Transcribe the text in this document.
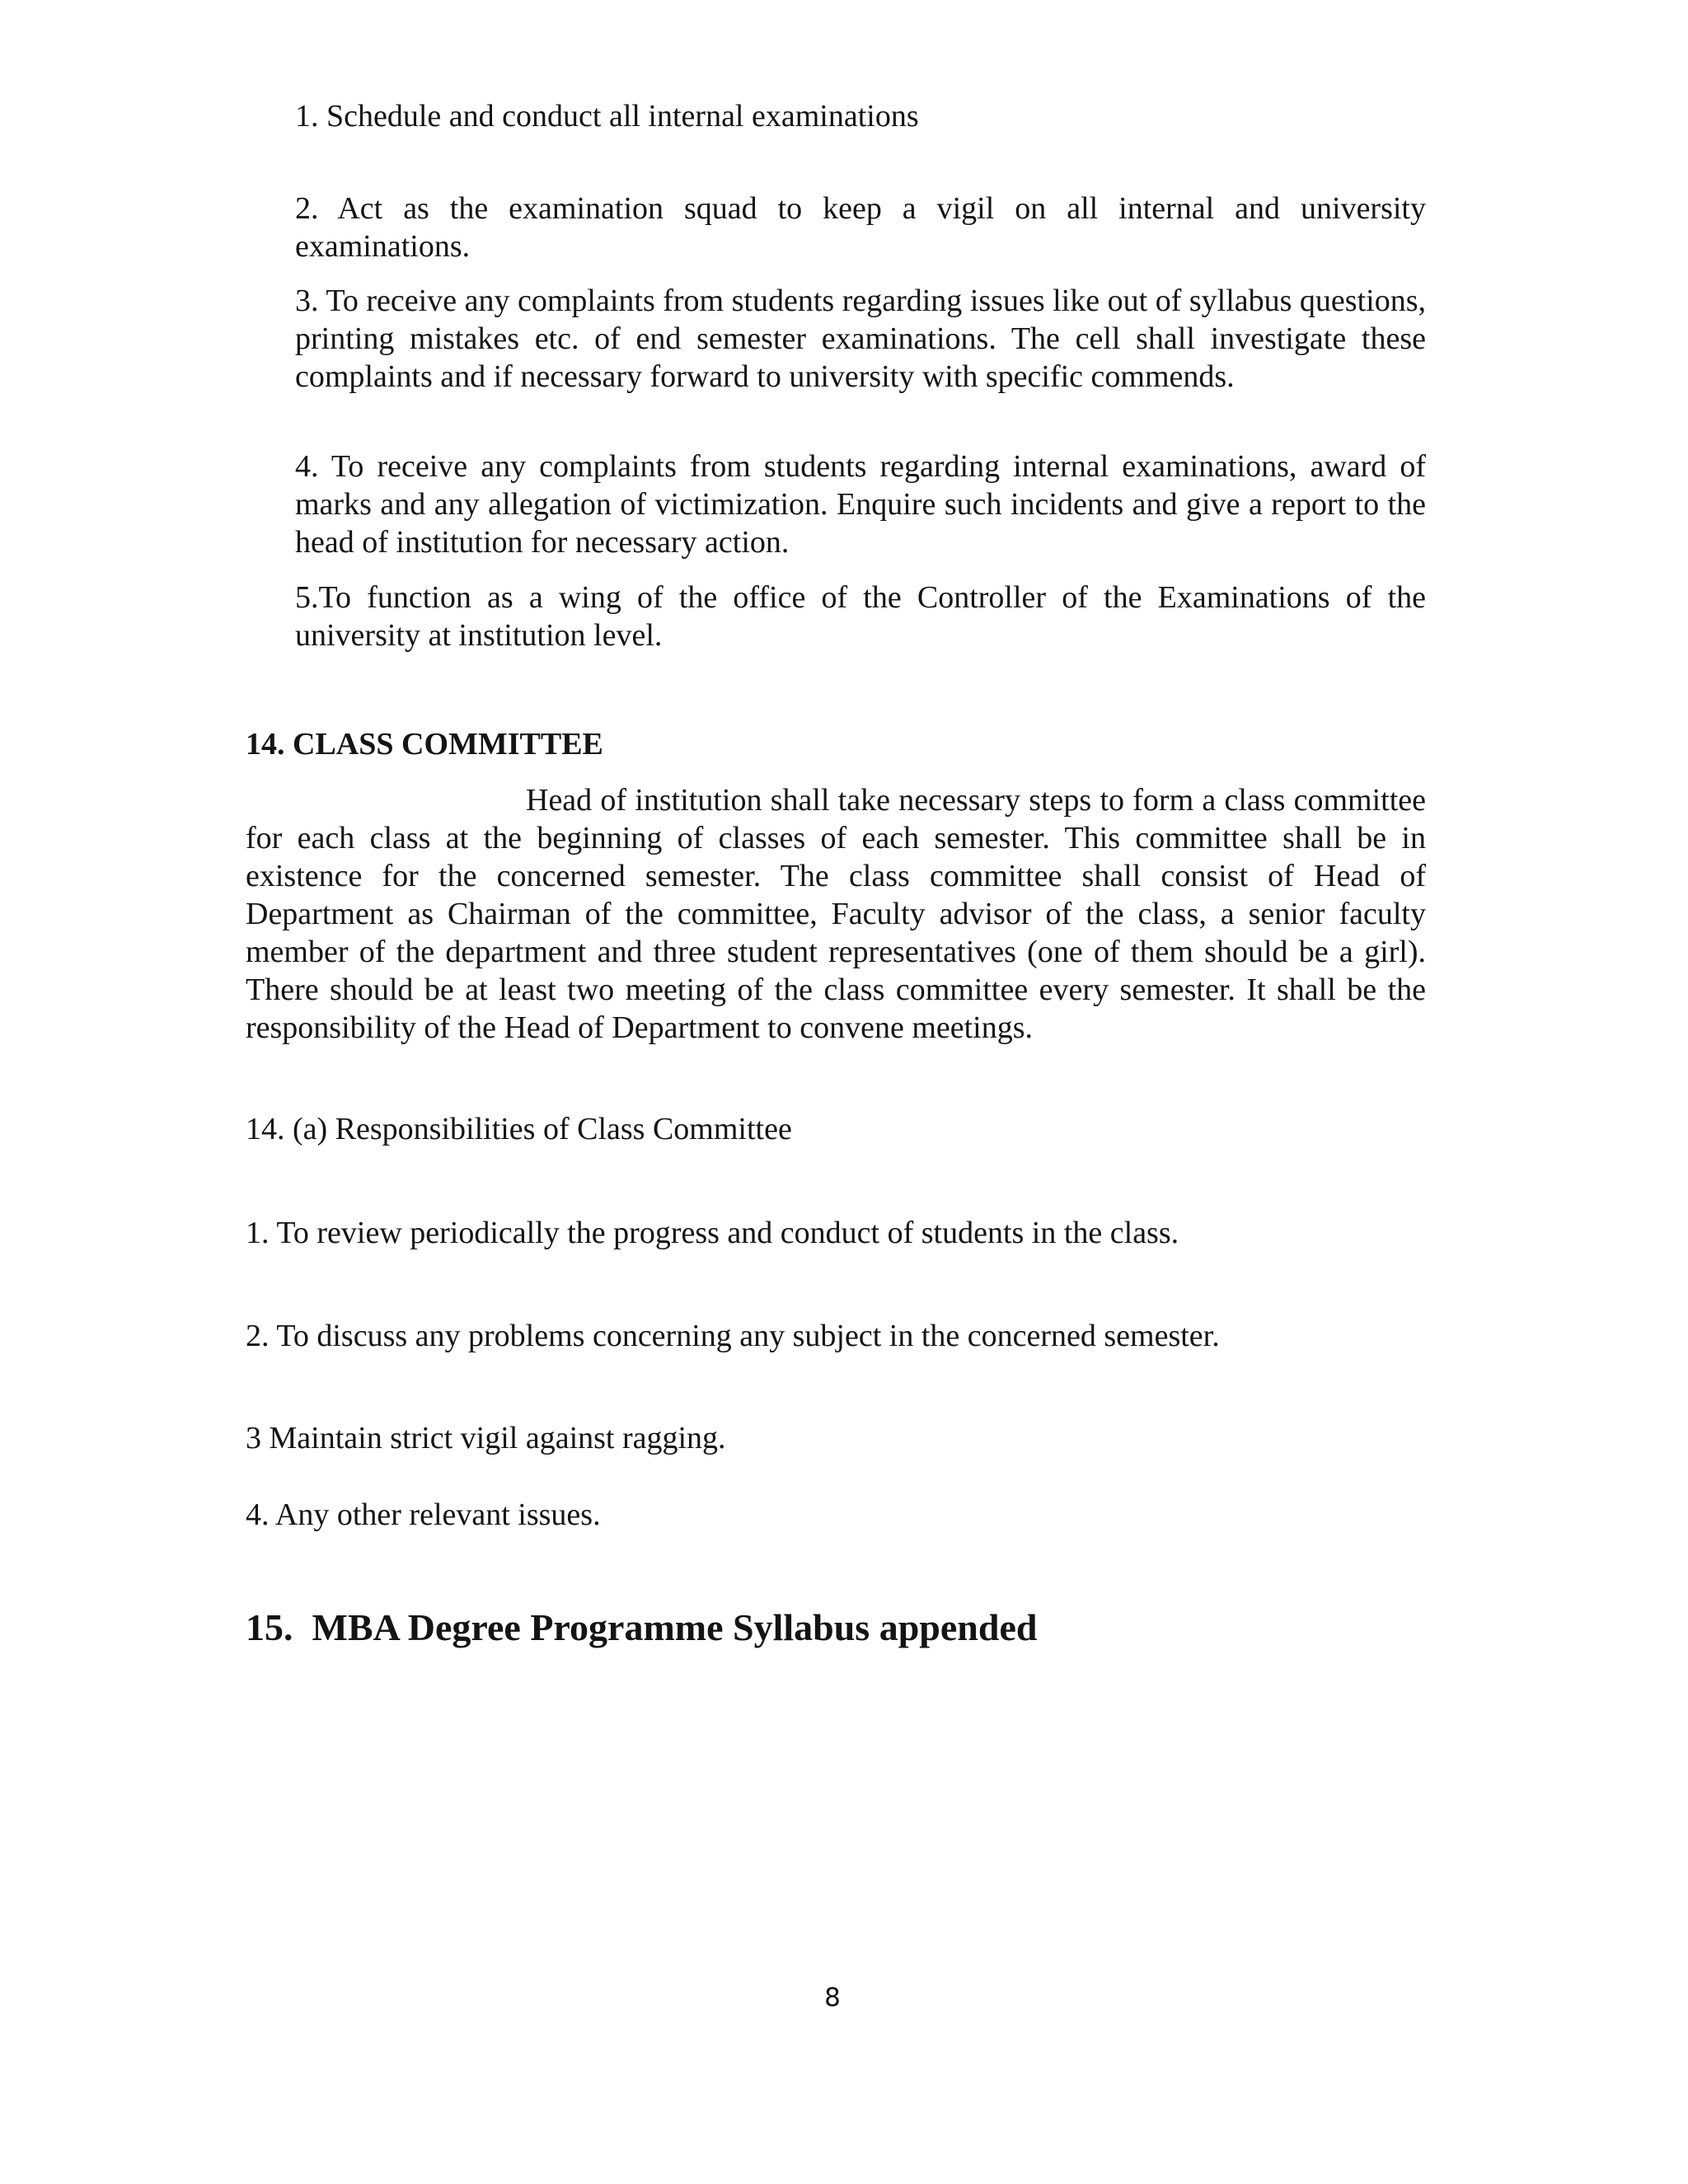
1. Schedule and conduct all internal examinations

2. Act as the examination squad to keep a vigil on all internal and university examinations.

3. To receive any complaints from students regarding issues like out of syllabus questions, printing mistakes etc. of end semester examinations. The cell shall investigate these complaints and if necessary forward to university with specific commends.

4. To receive any complaints from students regarding internal examinations, award of marks and any allegation of victimization. Enquire such incidents and give a report to the head of institution for necessary action.

5.To function as a wing of the office of the Controller of the Examinations of the university at institution level.

14. CLASS COMMITTEE

Head of institution shall take necessary steps to form a class committee for each class at the beginning of classes of each semester. This committee shall be in existence for the concerned semester. The class committee shall consist of Head of Department as Chairman of the committee, Faculty advisor of the class, a senior faculty member of the department and three student representatives (one of them should be a girl). There should be at least two meeting of the class committee every semester. It shall be the responsibility of the Head of Department to convene meetings.

14. (a) Responsibilities of Class Committee

1. To review periodically the progress and conduct of students in the class.

2. To discuss any problems concerning any subject in the concerned semester.

3 Maintain strict vigil against ragging.

4. Any other relevant issues.

15.  MBA Degree Programme Syllabus appended

8
